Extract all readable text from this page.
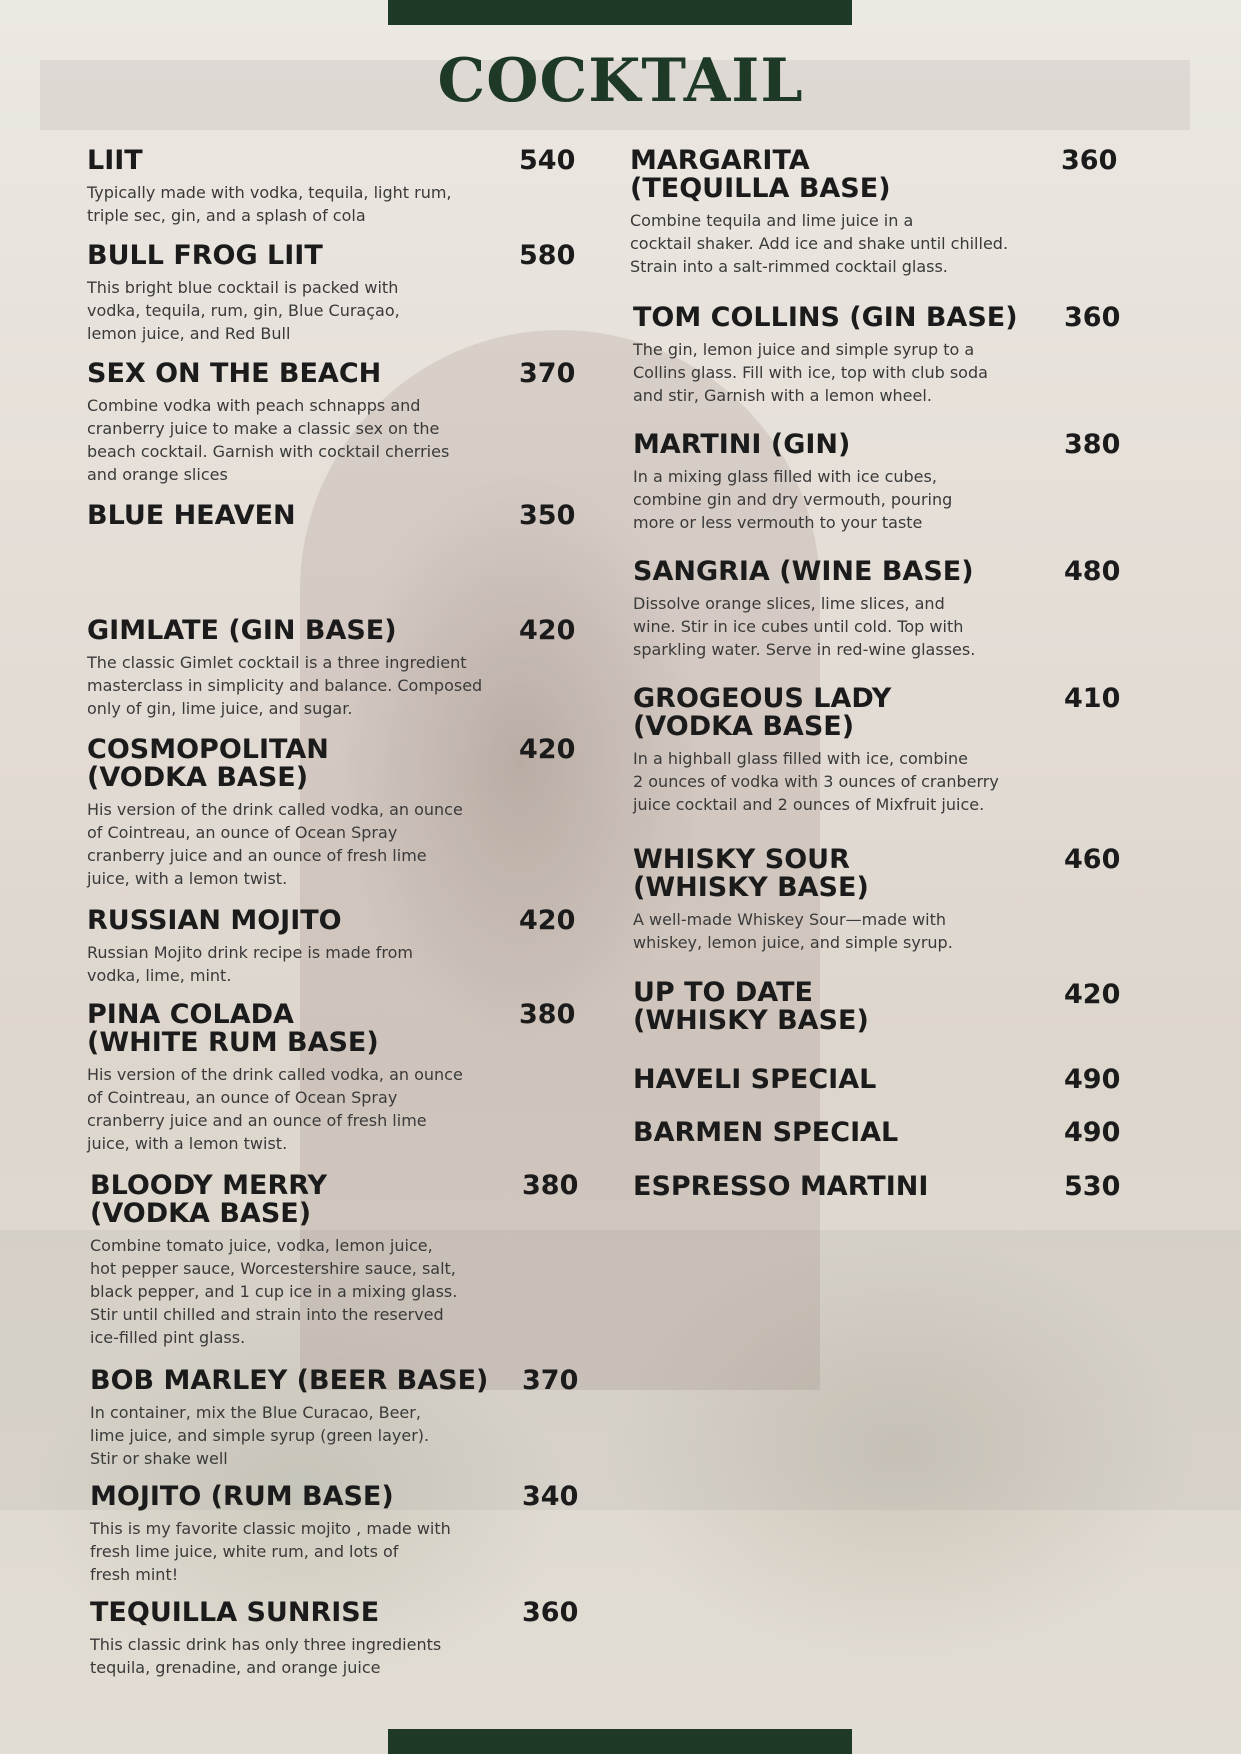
COCKTAIL
LIIT	540
Typically made with vodka, tequila, light rum,
triple sec, gin, and a splash of cola
BULL FROG LIIT	580
This bright blue cocktail is packed with
vodka, tequila, rum, gin, Blue Curaçao,
lemon juice, and Red Bull
SEX ON THE BEACH	370
Combine vodka with peach schnapps and
cranberry juice to make a classic sex on the
beach cocktail. Garnish with cocktail cherries
and orange slices
BLUE HEAVEN	350
GIMLATE (GIN BASE)	420
The classic Gimlet cocktail is a three ingredient
masterclass in simplicity and balance. Composed
only of gin, lime juice, and sugar.
COSMOPOLITAN
(VODKA BASE)
420
His version of the drink called vodka, an ounce
of Cointreau, an ounce of Ocean Spray
cranberry juice and an ounce of fresh lime
juice, with a lemon twist.
RUSSIAN MOJITO	420
Russian Mojito drink recipe is made from
vodka, lime, mint.
PINA COLADA
(WHITE RUM BASE)
380
His version of the drink called vodka, an ounce
of Cointreau, an ounce of Ocean Spray
cranberry juice and an ounce of fresh lime
juice, with a lemon twist.
BLOODY MERRY
(VODKA BASE)
380
Combine tomato juice, vodka, lemon juice,
hot pepper sauce, Worcestershire sauce, salt,
black pepper, and 1 cup ice in a mixing glass.
Stir until chilled and strain into the reserved
ice-filled pint glass.
BOB MARLEY (BEER BASE) 370
In container, mix the Blue Curacao, Beer,
lime juice, and simple syrup (green layer).
Stir or shake well
MOJITO (RUM BASE)	340
This is my favorite classic mojito , made with
fresh lime juice, white rum, and lots of
fresh mint!
TEQUILLA SUNRISE	360
This classic drink has only three ingredients
tequila, grenadine, and orange juice
MARGARITA
(TEQUILLA BASE)
360
Combine tequila and lime juice in a
cocktail shaker. Add ice and shake until chilled.
Strain into a salt-rimmed cocktail glass.
TOM COLLINS (GIN BASE) 360
The gin, lemon juice and simple syrup to a
Collins glass. Fill with ice, top with club soda
and stir, Garnish with a lemon wheel.
MARTINI (GIN)	380
In a mixing glass filled with ice cubes,
combine gin and dry vermouth, pouring
more or less vermouth to your taste
SANGRIA (WINE BASE)	480
Dissolve orange slices, lime slices, and
wine. Stir in ice cubes until cold. Top with
sparkling water. Serve in red-wine glasses.
GROGEOUS LADY
(VODKA BASE)
410
In a highball glass filled with ice, combine
2 ounces of vodka with 3 ounces of cranberry
juice cocktail and 2 ounces of Mixfruit juice.
WHISKY SOUR
(WHISKY BASE)
460
A well-made Whiskey Sour—made with
whiskey, lemon juice, and simple syrup.
UP TO DATE
(WHISKY BASE)
420
HAVELI SPECIAL	490
BARMEN SPECIAL	490
ESPRESSO MARTINI	530
